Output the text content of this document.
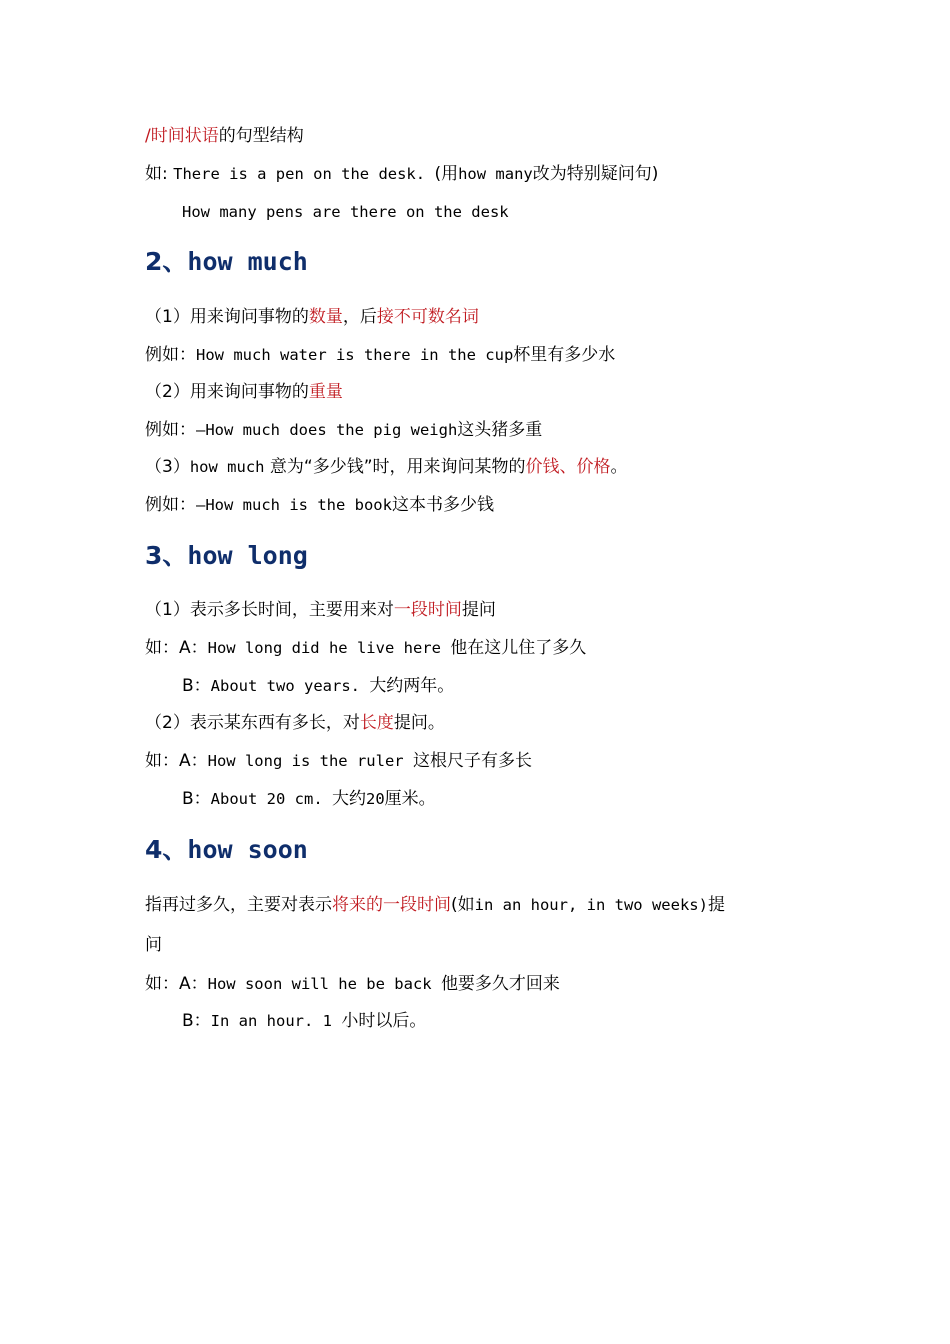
/时间状语的句型结构
如: There is a pen on the desk. (用how many改为特别疑问句)
How many pens are there on the desk
2、how much
（1）用来询问事物的数量，后接不可数名词
例如：How much water is there in the cup杯里有多少水
（2）用来询问事物的重量
例如：—How much does the pig weigh这头猪多重
（3）how much 意为“多少钱”时，用来询问某物的价钱、价格。
例如：—How much is the book这本书多少钱
3、how long
（1）表示多长时间，主要用来对一段时间提问
如：A：How long did he live here 他在这儿住了多久
B：About two years. 大约两年。
（2）表示某东西有多长，对长度提问。
如：A：How long is the ruler 这根尺子有多长
B：About 20 cm. 大约20厘米。
4、how soon
指再过多久，主要对表示将来的一段时间(如in an hour, in two weeks)提
问
如：A：How soon will he be back 他要多久才回来
B：In an hour. 1 小时以后。
